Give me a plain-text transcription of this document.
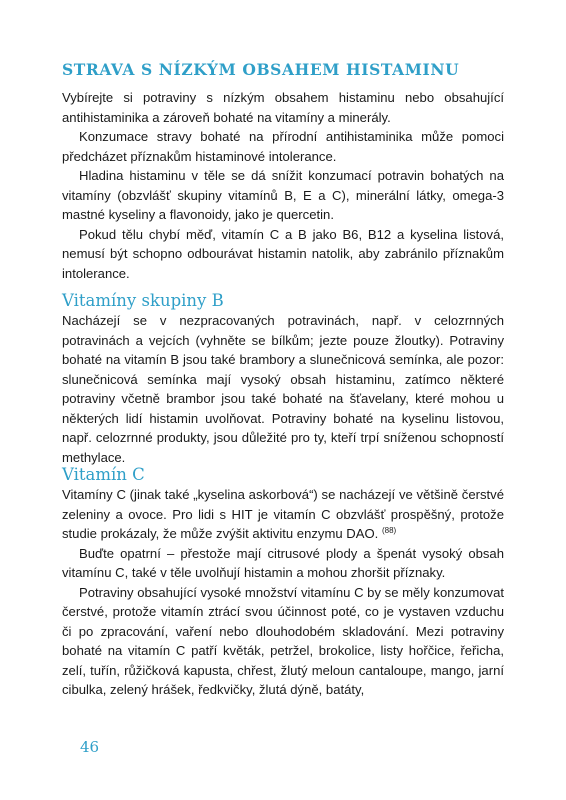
STRAVA S NÍZKÝM OBSAHEM HISTAMINU

Vybírejte si potraviny s nízkým obsahem histaminu nebo obsahující antihistaminika a zároveň bohaté na vitamíny a minerály.

Konzumace stravy bohaté na přírodní antihistaminika může pomoci předcházet příznakům histaminové intolerance.

Hladina histaminu v těle se dá snížit konzumací potravin bohatých na vitamíny (obzvlášť skupiny vitamínů B, E a C), minerální látky, omega-3 mastné kyseliny a flavonoidy, jako je quercetin.

Pokud tělu chybí měď, vitamín C a B jako B6, B12 a kyselina listová, nemusí být schopno odbourávat histamin natolik, aby zabránilo příznakům intolerance.

Vitamíny skupiny B

Nacházejí se v nezpracovaných potravinách, např. v celozrnných potravinách a vejcích (vyhněte se bílkům; jezte pouze žloutky). Potraviny bohaté na vitamín B jsou také brambory a slunečnicová semínka, ale pozor: slunečnicová semínka mají vysoký obsah histaminu, zatímco některé potraviny včetně brambor jsou také bohaté na šťavelany, které mohou u některých lidí histamin uvolňovat. Potraviny bohaté na kyselinu listovou, např. celozrnné produkty, jsou důležité pro ty, kteří trpí sníženou schopností methylace.

Vitamín C

Vitamíny C (jinak také „kyselina askorbová“) se nacházejí ve většině čerstvé zeleniny a ovoce. Pro lidi s HIT je vitamín C obzvlášť prospěšný, protože studie prokázaly, že může zvýšit aktivitu enzymu DAO. $^{(88)}$

Buďte opatrní – přestože mají citrusové plody a špenát vysoký obsah vitamínu C, také v těle uvolňují histamin a mohou zhoršit příznaky.

Potraviny obsahující vysoké množství vitamínu C by se měly konzumovat čerstvé, protože vitamín ztrácí svou účinnost poté, co je vystaven vzduchu či po zpracování, vaření nebo dlouhodobém skladování. Mezi potraviny bohaté na vitamín C patří květák, petržel, brokolice, listy hořčice, řeřicha, zelí, tuřín, růžičková kapusta, chřest, žlutý meloun cantaloupe, mango, jarní cibulka, zelený hrášek, ředkvičky, žlutá dýně, batáty,

46
